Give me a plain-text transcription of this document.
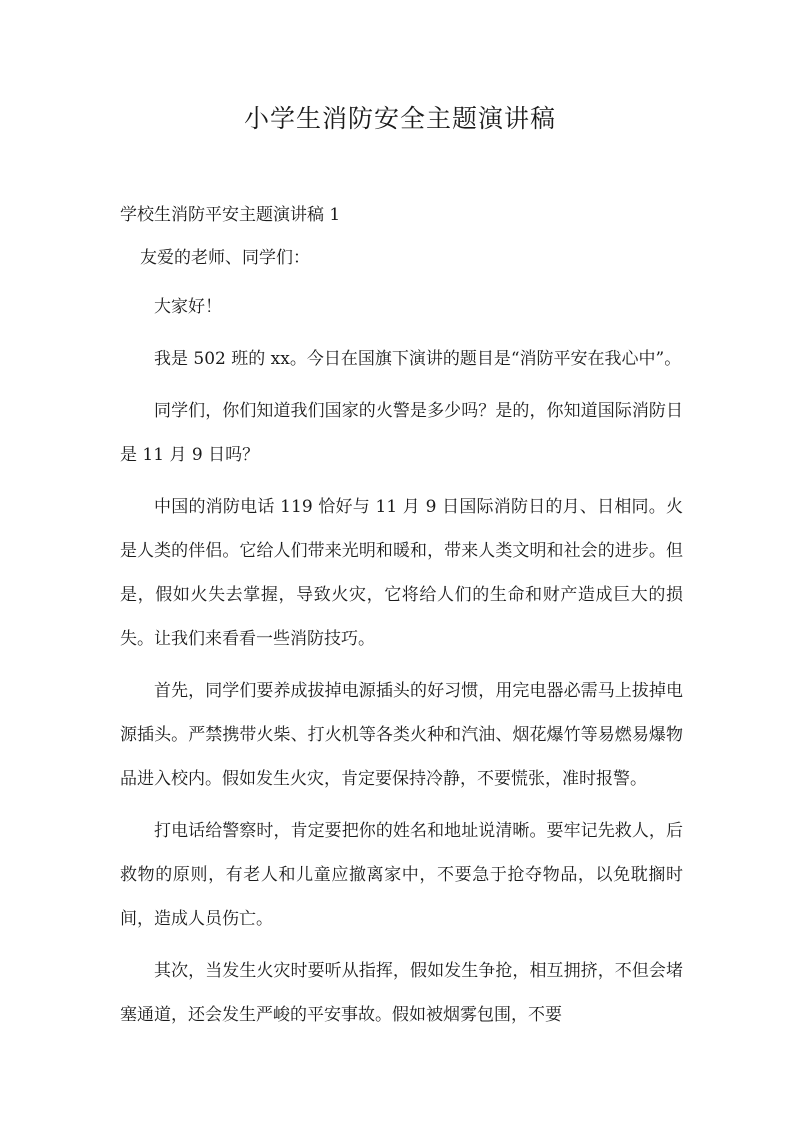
小学生消防安全主题演讲稿
学校生消防平安主题演讲稿 1
友爱的老师、同学们：

大家好！

我是 502 班的 xx。今日在国旗下演讲的题目是“消防平安在我心中”。

同学们，你们知道我们国家的火警是多少吗？是的，你知道国际消防日是 11 月 9 日吗？

中国的消防电话 119 恰好与 11 月 9 日国际消防日的月、日相同。火是人类的伴侣。它给人们带来光明和暖和，带来人类文明和社会的进步。但是，假如火失去掌握，导致火灾，它将给人们的生命和财产造成巨大的损失。让我们来看看一些消防技巧。

首先，同学们要养成拔掉电源插头的好习惯，用完电器必需马上拔掉电源插头。严禁携带火柴、打火机等各类火种和汽油、烟花爆竹等易燃易爆物品进入校内。假如发生火灾，肯定要保持冷静，不要慌张，准时报警。

打电话给警察时，肯定要把你的姓名和地址说清晰。要牢记先救人，后救物的原则，有老人和儿童应撤离家中，不要急于抢夺物品，以免耽搁时间，造成人员伤亡。

其次，当发生火灾时要听从指挥，假如发生争抢，相互拥挤，不但会堵塞通道，还会发生严峻的平安事故。假如被烟雾包围，不要
